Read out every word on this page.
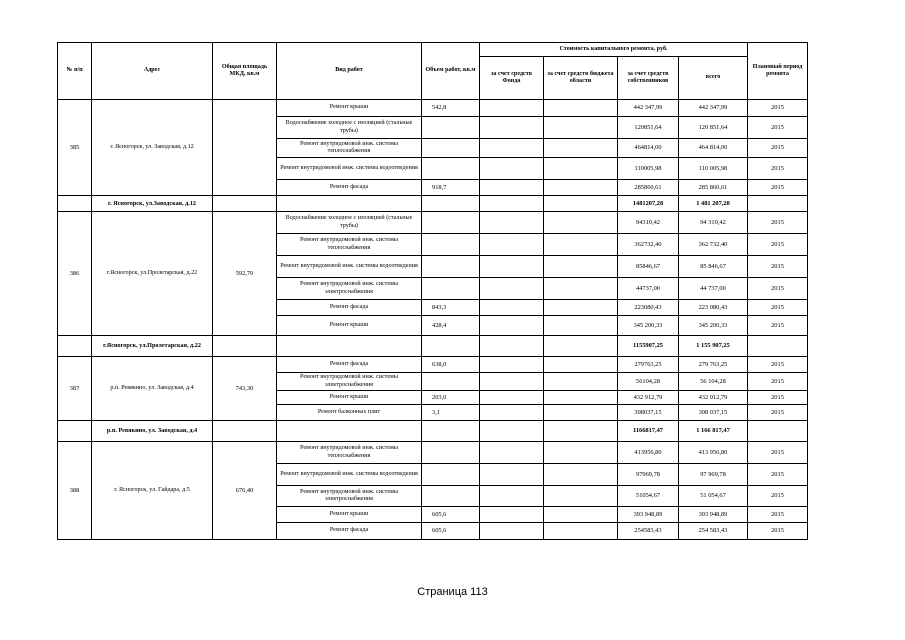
№ п/п	Адрес	Общая площадь МКД, кв.м	Вид работ	Объем работ, кв.м	Стоимость капитального ремонта, руб.				Плановый период ремонта
					за счет средств Фонда	за счет средств бюджета области	за счет средств собственников	всего	
385	г. Ясногорск, ул. Заводская, д.12		Ремонт крыши	542,8			442 347,99	442 347,99	2015
			Водоснабжение холодное с изоляцией (стальные трубы)				120851,64	120 851,64	2015
			Ремонт внутридомовой инж. системы теплоснабжения				464814,00	464 814,00	2015
			Ремонт внутридомовой инж. системы водоотведения				110005,98	110 005,98	2015
			Ремонт фасада	918,7			285860,61	285 860,61	2015
	г. Ясногорск, ул.Заводская, д.12						1481207,28	1 481 207,28	
386	г.Ясногорск, ул.Пролетарская, д.22	592,70	Водоснабжение холодное с изоляцией (стальные трубы)				94310,42	94 310,42	2015
			Ремонт внутридомовой инж. системы теплоснабжения				362732,40	362 732,40	2015
			Ремонт внутридомовой инж. системы водоотведения				85846,67	85 846,67	2015
			Ремонт внутридомовой инж. системы электроснабжения				44737,00	44 737,00	2015
			Ремонт фасада	843,3			223080,43	223 080,43	2015
			Ремонт крыши	428,4			345 200,33	345 200,33	2015
	г.Ясногорск, ул.Пролетарская, д.22						1155907,25	1 155 907,25	
387	р.п. Ревякино, ул. Заводская, д.4	743,30	Ремонт фасада	638,0			279763,25	279 763,25	2015
			Ремонт внутридомовой инж. системы электроснабжения				56104,28	56 104,28	2015
			Ремонт крыши	203,0			432 912,79	432 912,79	2015
			Ремонт балконных плит	3,1			398037,15	398 037,15	2015
	р.п. Ревякино, ул. Заводская, д.4						1166817,47	1 166 817,47	
388	г. Ясногорск, ул. Гайдара, д.5	676,40	Ремонт внутридомовой инж. системы теплоснабжения				413956,80	413 956,80	2015
			Ремонт внутридомовой инж. системы водоотведения				97969,78	97 969,78	2015
			Ремонт внутридомовой инж. системы электроснабжения				51054,67	51 054,67	2015
			Ремонт крыши	605,6			393 948,89	393 948,89	2015
			Ремонт фасада	605,6			254583,43	254 583,43	2015
Страница 113
